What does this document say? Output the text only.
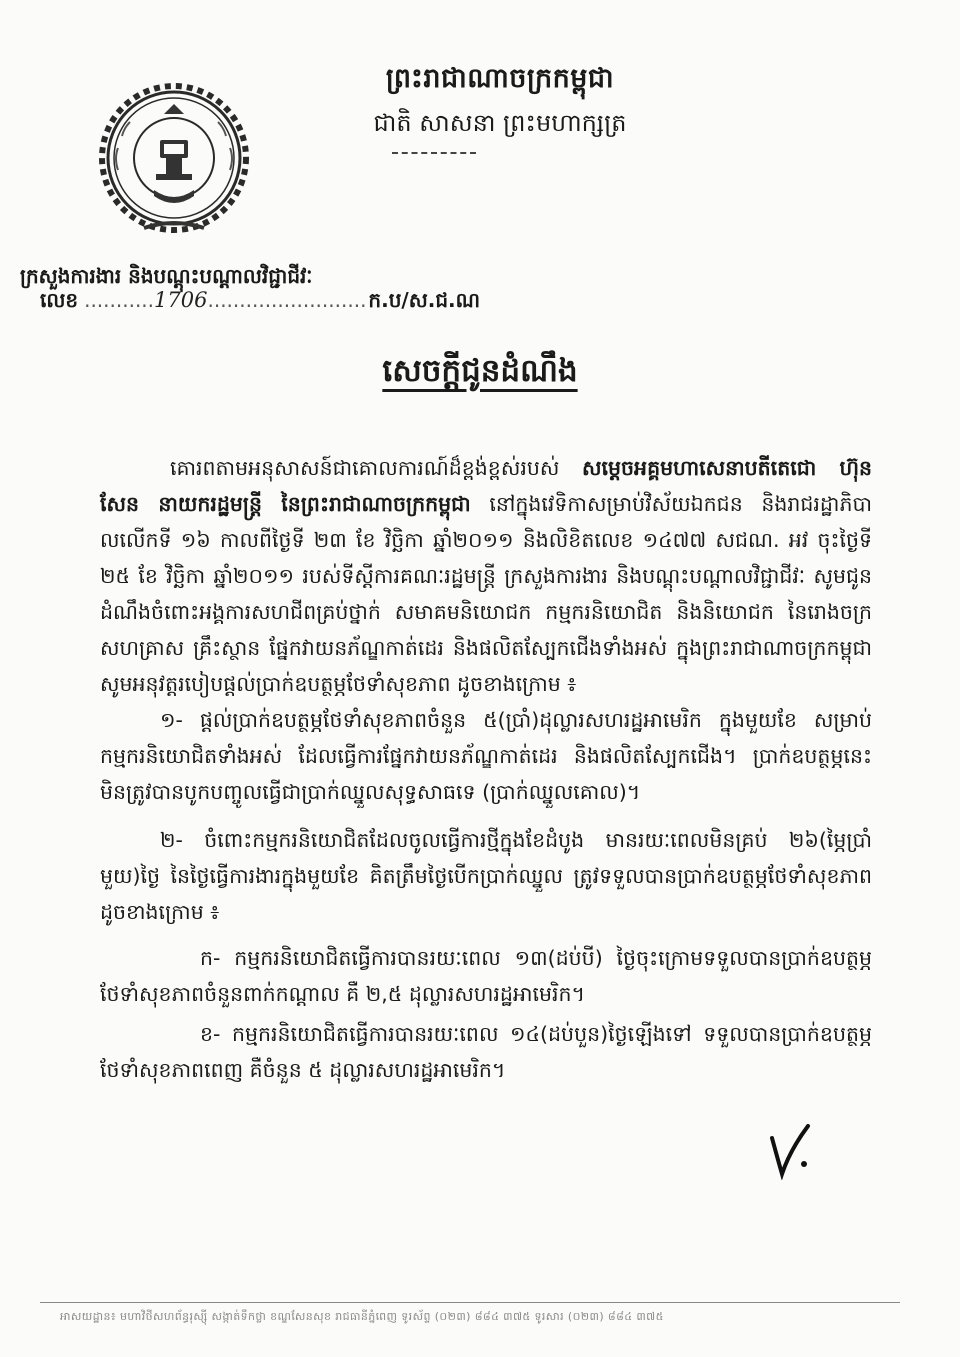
ព្រះរាជាណាចក្រកម្ពុជា
ជាតិ សាសនា ព្រះមហាក្សត្រ
ក្រសួងការងារ និងបណ្តុះបណ្តាលវិជ្ជាជីវៈ
លេខ ...........1706......................... ក.ប/ស.ជ.ណ
សេចក្តីជូនដំណឹង

គោរពតាមអនុសាសន៍ជាគោលការណ៍ដ៏ខ្ពង់ខ្ពស់របស់ សម្តេចអគ្គមហាសេនាបតីតេជោ ហ៊ុន សែន នាយករដ្ឋមន្ត្រី នៃព្រះរាជាណាចក្រកម្ពុជា នៅក្នុងវេទិកាសម្រាប់វិស័យឯកជន និងរាជរដ្ឋាភិបាលលើកទី ១៦ កាលពីថ្ងៃទី ២៣ ខែ វិច្ឆិកា ឆ្នាំ២០១១ និងលិខិតលេខ ១៤៧៧ សជណ. អវ ចុះថ្ងៃទី ២៥ ខែ វិច្ឆិកា ឆ្នាំ២០១១ របស់ទីស្តីការគណៈរដ្ឋមន្ត្រី ក្រសួងការងារ និងបណ្តុះបណ្តាលវិជ្ជាជីវៈ សូមជូនដំណឹងចំពោះអង្គការសហជីពគ្រប់ថ្នាក់ សមាគមនិយោជក កម្មករនិយោជិត និងនិយោជក នៃរោងចក្រ សហគ្រាស គ្រឹះស្ថាន ផ្នែកវាយនភ័ណ្ឌកាត់ដេរ និងផលិតស្បែកជើងទាំងអស់ ក្នុងព្រះរាជាណាចក្រកម្ពុជា សូមអនុវត្តរបៀបផ្តល់ប្រាក់ឧបត្ថម្ភថែទាំសុខភាព ដូចខាងក្រោម ៖

១- ផ្តល់ប្រាក់ឧបត្ថម្ភថែទាំសុខភាពចំនួន ៥(ប្រាំ)ដុល្លារសហរដ្ឋអាមេរិក ក្នុងមួយខែ សម្រាប់កម្មករនិយោជិតទាំងអស់ ដែលធ្វើការផ្នែកវាយនភ័ណ្ឌកាត់ដេរ និងផលិតស្បែកជើង។ ប្រាក់ឧបត្ថម្ភនេះ មិនត្រូវបានបូកបញ្ចូលធ្វើជាប្រាក់ឈ្នួលសុទ្ធសាធទេ (ប្រាក់ឈ្នួលគោល)។

២- ចំពោះកម្មករនិយោជិតដែលចូលធ្វើការថ្មីក្នុងខែដំបូង មានរយៈពេលមិនគ្រប់ ២៦(ម្ភៃប្រាំមួយ)ថ្ងៃ នៃថ្ងៃធ្វើការងារក្នុងមួយខែ គិតត្រឹមថ្ងៃបើកប្រាក់ឈ្នួល ត្រូវទទួលបានប្រាក់ឧបត្ថម្ភថែទាំសុខភាព ដូចខាងក្រោម ៖

ក- កម្មករនិយោជិតធ្វើការបានរយៈពេល ១៣(ដប់បី) ថ្ងៃចុះក្រោមទទួលបានប្រាក់ឧបត្ថម្ភថែទាំសុខភាពចំនួនពាក់កណ្តាល គឺ ២,៥ ដុល្លារសហរដ្ឋអាមេរិក។

ខ- កម្មករនិយោជិតធ្វើការបានរយៈពេល ១៤(ដប់បួន)ថ្ងៃឡើងទៅ ទទួលបានប្រាក់ឧបត្ថម្ភថែទាំសុខភាពពេញ គឺចំនួន ៥ ដុល្លារសហរដ្ឋអាមេរិក។

អាសយដ្ឋាន៖ មហាវិថីសហព័ន្ធរុស្ស៊ី សង្កាត់ទឹកថ្លា ខណ្ឌសែនសុខ រាជធានីភ្នំពេញ ទូរស័ព្ទ (០២៣) ៨៨៤ ៣៧៥ ទូរសារ (០២៣) ៨៨៤ ៣៧៥
